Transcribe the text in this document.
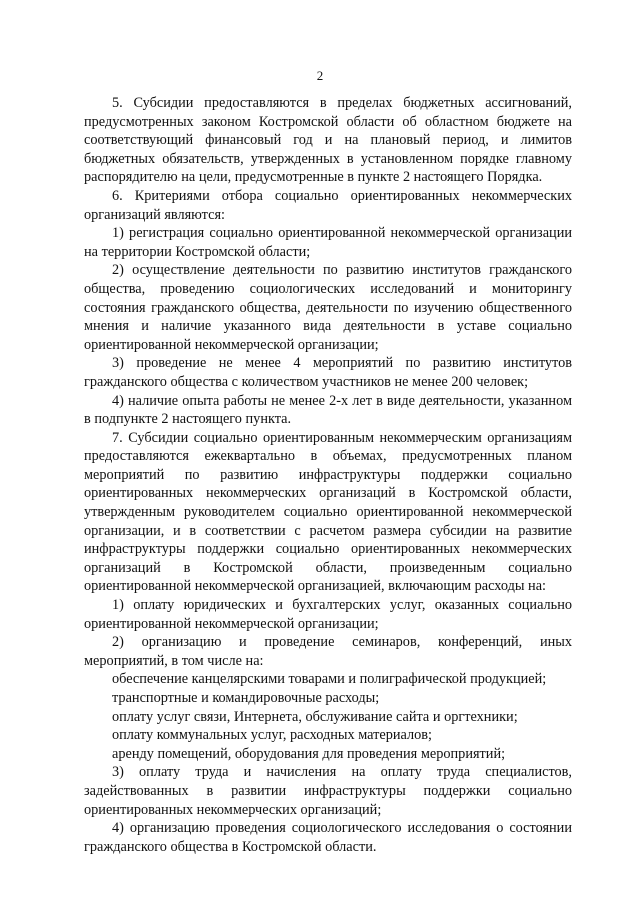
2

5. Субсидии предоставляются в пределах бюджетных ассигнований, предусмотренных законом Костромской области об областном бюджете на соответствующий финансовый год и на плановый период, и лимитов бюджетных обязательств, утвержденных в установленном порядке главному распорядителю на цели, предусмотренные в пункте 2 настоящего Порядка.

6. Критериями отбора социально ориентированных некоммерческих организаций являются:

1) регистрация социально ориентированной некоммерческой организации на территории Костромской области;

2) осуществление деятельности по развитию институтов гражданского общества, проведению социологических исследований и мониторингу состояния гражданского общества, деятельности по изучению общественного мнения и наличие указанного вида деятельности в уставе социально ориентированной некоммерческой организации;

3) проведение не менее 4 мероприятий по развитию институтов гражданского общества с количеством участников не менее 200 человек;

4) наличие опыта работы не менее 2-х лет в виде деятельности, указанном в подпункте 2 настоящего пункта.

7. Субсидии социально ориентированным некоммерческим организациям предоставляются ежеквартально в объемах, предусмотренных планом мероприятий по развитию инфраструктуры поддержки социально ориентированных некоммерческих организаций в Костромской области, утвержденным руководителем социально ориентированной некоммерческой организации, и в соответствии с расчетом размера субсидии на развитие инфраструктуры поддержки социально ориентированных некоммерческих организаций в Костромской области, произведенным социально ориентированной некоммерческой организацией, включающим расходы на:

1) оплату юридических и бухгалтерских услуг, оказанных социально ориентированной некоммерческой организации;

2) организацию и проведение семинаров, конференций, иных мероприятий, в том числе на:

обеспечение канцелярскими товарами и полиграфической продукцией;

транспортные и командировочные расходы;

оплату услуг связи, Интернета, обслуживание сайта и оргтехники;

оплату коммунальных услуг, расходных материалов;

аренду помещений, оборудования для проведения мероприятий;

3) оплату труда и начисления на оплату труда специалистов, задействованных в развитии инфраструктуры поддержки социально ориентированных некоммерческих организаций;

4) организацию проведения социологического исследования о состоянии гражданского общества в Костромской области.
